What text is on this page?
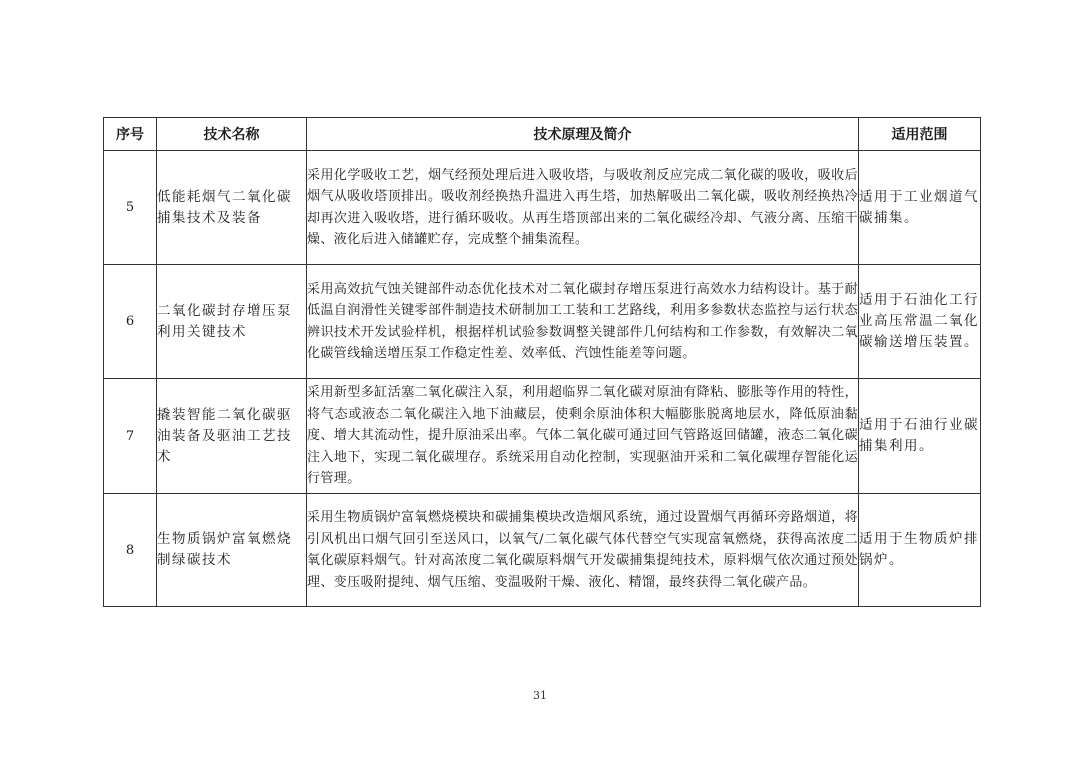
序号	技术名称	技术原理及简介	适用范围
5	低能耗烟气二氧化碳捕集技术及装备	采用化学吸收工艺，烟气经预处理后进入吸收塔，与吸收剂反应完成二氧化碳的吸收，吸收后烟气从吸收塔顶排出。吸收剂经换热升温进入再生塔，加热解吸出二氧化碳，吸收剂经换热冷却再次进入吸收塔，进行循环吸收。从再生塔顶部出来的二氧化碳经冷却、气液分离、压缩干燥、液化后进入储罐贮存，完成整个捕集流程。	适用于工业烟道气碳捕集。
6	二氧化碳封存增压泵利用关键技术	采用高效抗气蚀关键部件动态优化技术对二氧化碳封存增压泵进行高效水力结构设计。基于耐低温自润滑性关键零部件制造技术研制加工工装和工艺路线，利用多参数状态监控与运行状态辨识技术开发试验样机，根据样机试验参数调整关键部件几何结构和工作参数，有效解决二氧化碳管线输送增压泵工作稳定性差、效率低、汽蚀性能差等问题。	适用于石油化工行业高压常温二氧化碳输送增压装置。
7	撬装智能二氧化碳驱油装备及驱油工艺技术	采用新型多缸活塞二氧化碳注入泵，利用超临界二氧化碳对原油有降粘、膨胀等作用的特性，将气态或液态二氧化碳注入地下油藏层，使剩余原油体积大幅膨胀脱离地层水，降低原油黏度、增大其流动性，提升原油采出率。气体二氧化碳可通过回气管路返回储罐，液态二氧化碳注入地下，实现二氧化碳埋存。系统采用自动化控制，实现驱油开采和二氧化碳埋存智能化运行管理。	适用于石油行业碳捕集利用。
8	生物质锅炉富氧燃烧制绿碳技术	采用生物质锅炉富氧燃烧模块和碳捕集模块改造烟风系统，通过设置烟气再循环旁路烟道，将引风机出口烟气回引至送风口，以氧气/二氧化碳气体代替空气实现富氧燃烧，获得高浓度二氧化碳原料烟气。针对高浓度二氧化碳原料烟气开发碳捕集提纯技术，原料烟气依次通过预处理、变压吸附提纯、烟气压缩、变温吸附干燥、液化、精馏，最终获得二氧化碳产品。	适用于生物质炉排锅炉。
31
